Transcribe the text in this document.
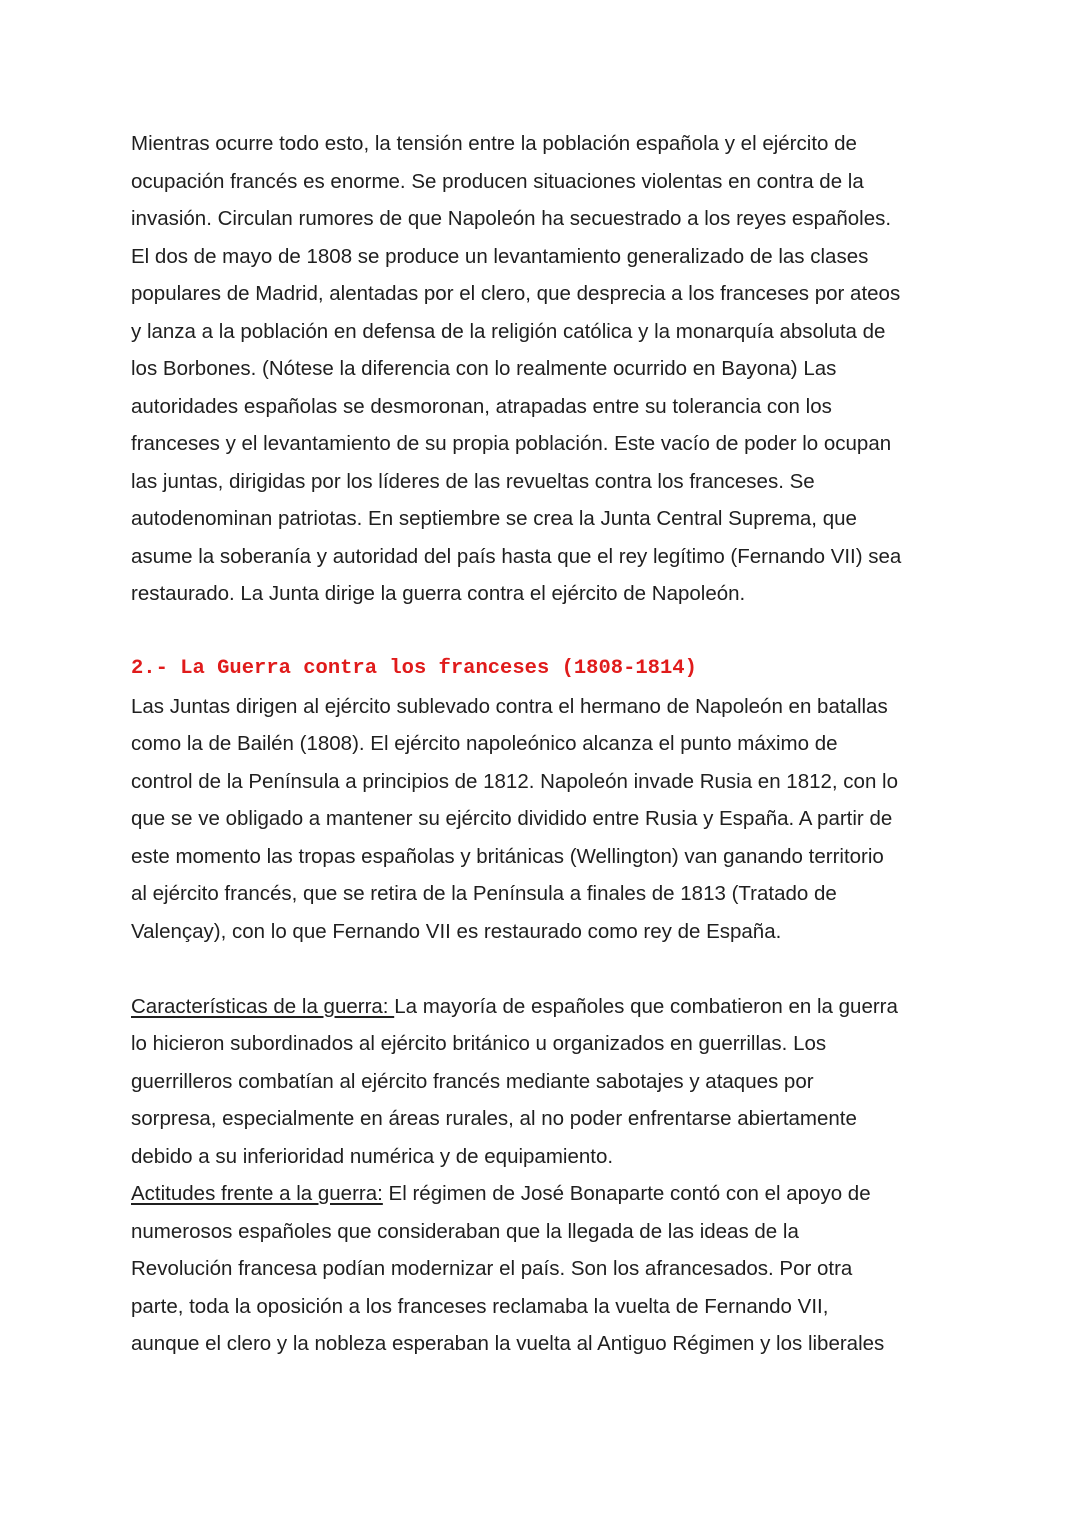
Mientras ocurre todo esto, la tensión entre la población española y el ejército de
ocupación francés es enorme. Se producen situaciones violentas en contra de la
invasión. Circulan rumores de que Napoleón ha secuestrado a los reyes españoles.
El dos de mayo de 1808 se produce un levantamiento generalizado de las clases
populares de Madrid, alentadas por el clero, que desprecia a los franceses por ateos
y lanza a la población en defensa de la religión católica y la monarquía absoluta de
los Borbones. (Nótese la diferencia con lo realmente ocurrido en Bayona) Las
autoridades españolas se desmoronan, atrapadas entre su tolerancia con los
franceses y el levantamiento de su propia población. Este vacío de poder lo ocupan
las juntas, dirigidas por los líderes de las revueltas contra los franceses. Se
autodenominan patriotas. En septiembre se crea la Junta Central Suprema, que
asume la soberanía y autoridad del país hasta que el rey legítimo (Fernando VII) sea
restaurado. La Junta dirige la guerra contra el ejército de Napoleón.
2.- La Guerra contra los franceses (1808-1814)
Las Juntas dirigen al ejército sublevado contra el hermano de Napoleón en batallas
como la de Bailén (1808). El ejército napoleónico alcanza el punto máximo de
control de la Península a principios de 1812. Napoleón invade Rusia en 1812, con lo
que se ve obligado a mantener su ejército dividido entre Rusia y España. A partir de
este momento las tropas españolas y británicas (Wellington) van ganando territorio
al ejército francés, que se retira de la Península a finales de 1813 (Tratado de
Valençay), con lo que Fernando VII es restaurado como rey de España.
Características de la guerra: La mayoría de españoles que combatieron en la guerra
lo hicieron subordinados al ejército británico u organizados en guerrillas. Los
guerrilleros combatían al ejército francés mediante sabotajes y ataques por
sorpresa, especialmente en áreas rurales, al no poder enfrentarse abiertamente
debido a su inferioridad numérica y de equipamiento.
Actitudes frente a la guerra: El régimen de José Bonaparte contó con el apoyo de
numerosos españoles que consideraban que la llegada de las ideas de la
Revolución francesa podían modernizar el país. Son los afrancesados. Por otra
parte, toda la oposición a los franceses reclamaba la vuelta de Fernando VII,
aunque el clero y la nobleza esperaban la vuelta al Antiguo Régimen y los liberales
